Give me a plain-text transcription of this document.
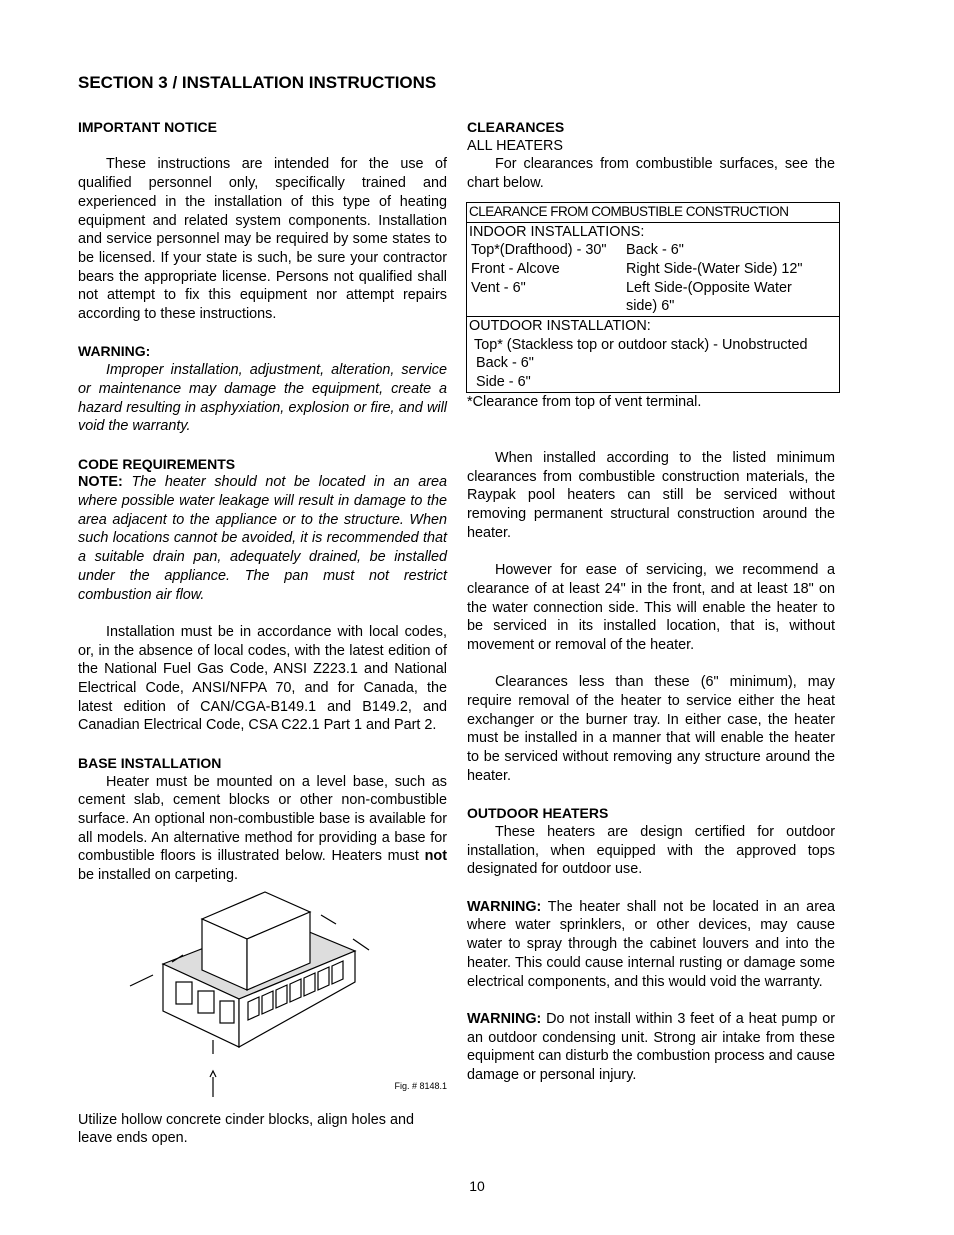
SECTION 3 / INSTALLATION INSTRUCTIONS
IMPORTANT NOTICE

These instructions are intended for the use of qualified personnel only, specifically trained and experienced in the installation of this type of heating equipment and related system components. Installation and service personnel may be required by some states to be licensed. If your state is such, be sure your contractor bears the appropriate license. Persons not qualified shall not attempt to fix this equipment nor attempt repairs according to these instructions.

WARNING:

Improper installation, adjustment, alteration, service or maintenance may damage the equipment, create a hazard resulting in asphyxiation, explosion or fire, and will void the warranty.

CODE REQUIREMENTS

NOTE: The heater should not be located in an area where possible water leakage will result in damage to the area adjacent to the appliance or to the structure. When such locations cannot be avoided, it is recommended that a suitable drain pan, adequately drained, be installed under the appliance. The pan must not restrict combustion air flow.

Installation must be in accordance with local codes, or, in the absence of local codes, with the latest edition of the National Fuel Gas Code, ANSI Z223.1 and National Electrical Code, ANSI/NFPA 70, and for Canada, the latest edition of CAN/CGA-B149.1 and B149.2, and Canadian Electrical Code, CSA C22.1 Part 1 and Part 2.

BASE INSTALLATION

Heater must be mounted on a level base, such as cement slab, cement blocks or other non-combustible surface. An optional non-combustible base is available for all models. An alternative method for providing a base for combustible floors is illustrated below. Heaters must not be installed on carpeting.

Fig. # 8148.1

Utilize hollow concrete cinder blocks, align holes and leave ends open.

CLEARANCES
ALL HEATERS

For clearances from combustible surfaces, see the chart below.

CLEARANCE FROM COMBUSTIBLE CONSTRUCTION
INDOOR INSTALLATIONS:
Top*(Drafthood) - 30"	Back - 6"
Front - Alcove	Right Side-(Water Side) 12"
Vent - 6"	Left Side-(Opposite Water side) 6"
OUTDOOR INSTALLATION:
Top* (Stackless top or outdoor stack) - Unobstructed
Back - 6"
Side - 6"
*Clearance from top of vent terminal.

When installed according to the listed minimum clearances from combustible construction materials, the Raypak pool heaters can still be serviced without removing permanent structural construction around the heater.

However for ease of servicing, we recommend a clearance of at least 24" in the front, and at least 18" on the water connection side. This will enable the heater to be serviced in its installed location, that is, without movement or removal of the heater.

Clearances less than these (6" minimum), may require removal of the heater to service either the heat exchanger or the burner tray. In either case, the heater must be installed in a manner that will enable the heater to be serviced without removing any structure around the heater.

OUTDOOR HEATERS

These heaters are design certified for outdoor installation, when equipped with the approved tops designated for outdoor use.

WARNING: The heater shall not be located in an area where water sprinklers, or other devices, may cause water to spray through the cabinet louvers and into the heater. This could cause internal rusting or damage some electrical components, and this would void the warranty.

WARNING: Do not install within 3 feet of a heat pump or an outdoor condensing unit. Strong air intake from these equipment can disturb the combustion process and cause damage or personal injury.

10
